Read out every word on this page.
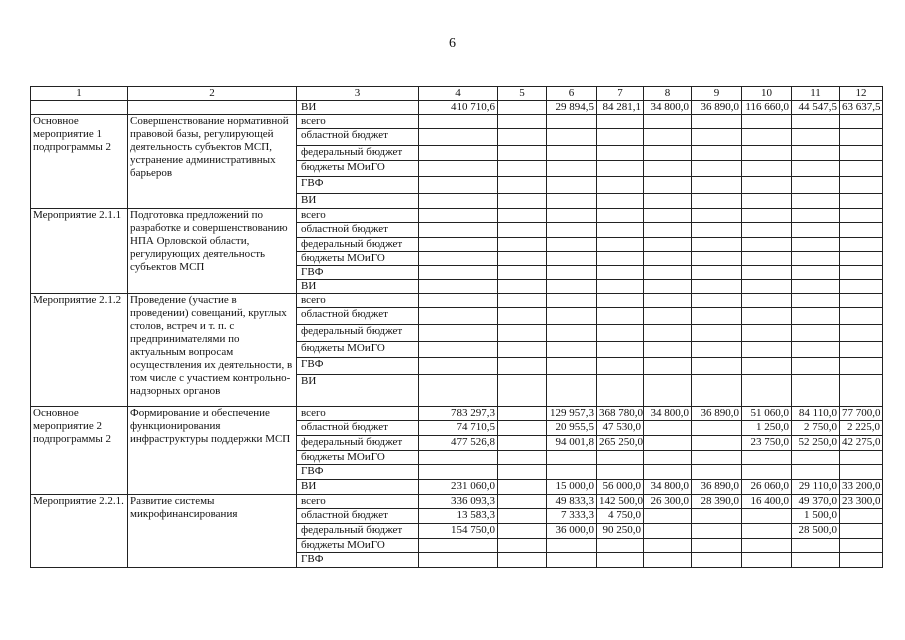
6
1	2	3	4	5	6	7	8	9	10	11	12
		ВИ	410 710,6		29 894,5	84 281,1	34 800,0	36 890,0	116 660,0	44 547,5	63 637,5
Основное мероприятие 1 подпрограммы 2	Совершенствование нормативной правовой базы, регулирующей деятельность субъектов МСП, устранение административных барьеров	всего									
		областной бюджет									
		федеральный бюджет									
		бюджеты МОиГО									
		ГВФ									
		ВИ									
Мероприятие 2.1.1	Подготовка предложений по разработке и совершенствованию НПА Орловской области, регулирующих деятельность субъектов МСП	всего									
		областной бюджет									
		федеральный бюджет									
		бюджеты МОиГО									
		ГВФ									
		ВИ									
Мероприятие 2.1.2	Проведение (участие в проведении) совещаний, круглых столов, встреч и т. п. с предпринимателями по актуальным вопросам осуществления их деятельности, в том числе с участием контрольно-надзорных органов	всего									
		областной бюджет									
		федеральный бюджет									
		бюджеты МОиГО									
		ГВФ									
		ВИ									
Основное мероприятие 2 подпрограммы 2	Формирование и обеспечение функционирования инфраструктуры поддержки МСП	всего	783 297,3		129 957,3	368 780,0	34 800,0	36 890,0	51 060,0	84 110,0	77 700,0
		областной бюджет	74 710,5		20 955,5	47 530,0			1 250,0	2 750,0	2 225,0
		федеральный бюджет	477 526,8		94 001,8	265 250,0			23 750,0	52 250,0	42 275,0
		бюджеты МОиГО									
		ГВФ									
		ВИ	231 060,0		15 000,0	56 000,0	34 800,0	36 890,0	26 060,0	29 110,0	33 200,0
Мероприятие 2.2.1.	Развитие системы микрофинансирования	всего	336 093,3		49 833,3	142 500,0	26 300,0	28 390,0	16 400,0	49 370,0	23 300,0
		областной бюджет	13 583,3		7 333,3	4 750,0				1 500,0	
		федеральный бюджет	154 750,0		36 000,0	90 250,0				28 500,0	
		бюджеты МОиГО									
		ГВФ									
